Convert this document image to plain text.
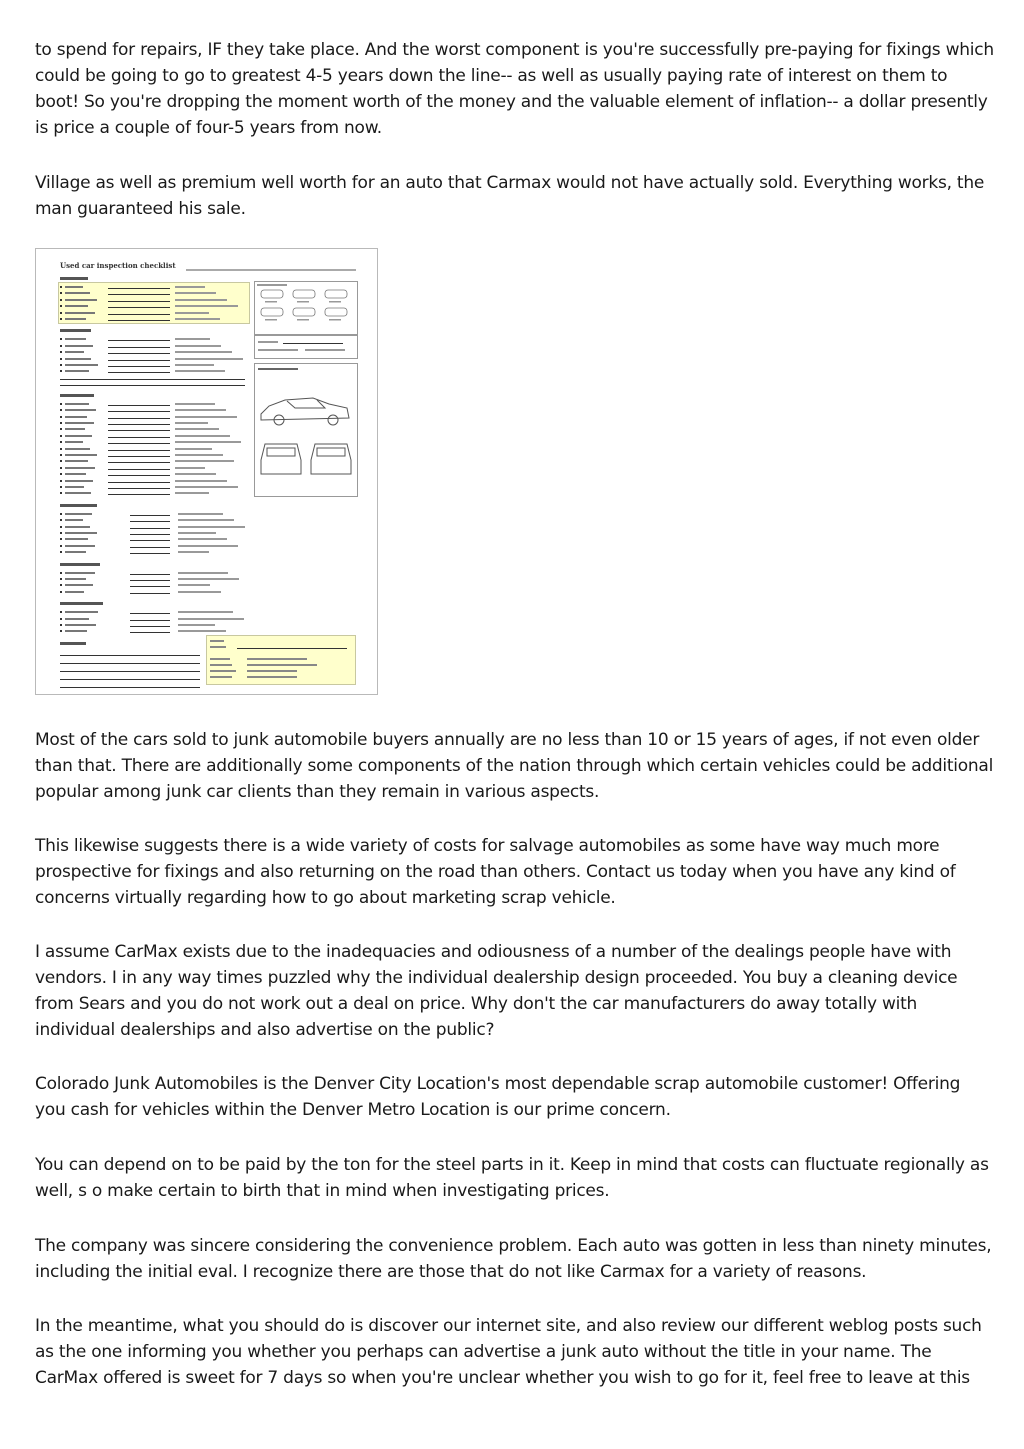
to spend for repairs, IF they take place. And the worst component is you're successfully pre-paying for fixings which could be going to go to greatest 4-5 years down the line-- as well as usually paying rate of interest on them to boot! So you're dropping the moment worth of the money and the valuable element of inflation-- a dollar presently is price a couple of four-5 years from now.

Village as well as premium well worth for an auto that Carmax would not have actually sold. Everything works, the man guaranteed his sale.

Used car inspection checklist

Most of the cars sold to junk automobile buyers annually are no less than 10 or 15 years of ages, if not even older than that. There are additionally some components of the nation through which certain vehicles could be additional popular among junk car clients than they remain in various aspects.

This likewise suggests there is a wide variety of costs for salvage automobiles as some have way much more prospective for fixings and also returning on the road than others. Contact us today when you have any kind of concerns virtually regarding how to go about marketing scrap vehicle.

I assume CarMax exists due to the inadequacies and odiousness of a number of the dealings people have with vendors. I in any way times puzzled why the individual dealership design proceeded. You buy a cleaning device from Sears and you do not work out a deal on price. Why don't the car manufacturers do away totally with individual dealerships and also advertise on the public?

Colorado Junk Automobiles is the Denver City Location's most dependable scrap automobile customer! Offering you cash for vehicles within the Denver Metro Location is our prime concern.

You can depend on to be paid by the ton for the steel parts in it. Keep in mind that costs can fluctuate regionally as well, s o make certain to birth that in mind when investigating prices.

The company was sincere considering the convenience problem. Each auto was gotten in less than ninety minutes, including the initial eval. I recognize there are those that do not like Carmax for a variety of reasons.

In the meantime, what you should do is discover our internet site, and also review our different weblog posts such as the one informing you whether you perhaps can advertise a junk auto without the title in your name. The CarMax offered is sweet for 7 days so when you're unclear whether you wish to go for it, feel free to leave at this
